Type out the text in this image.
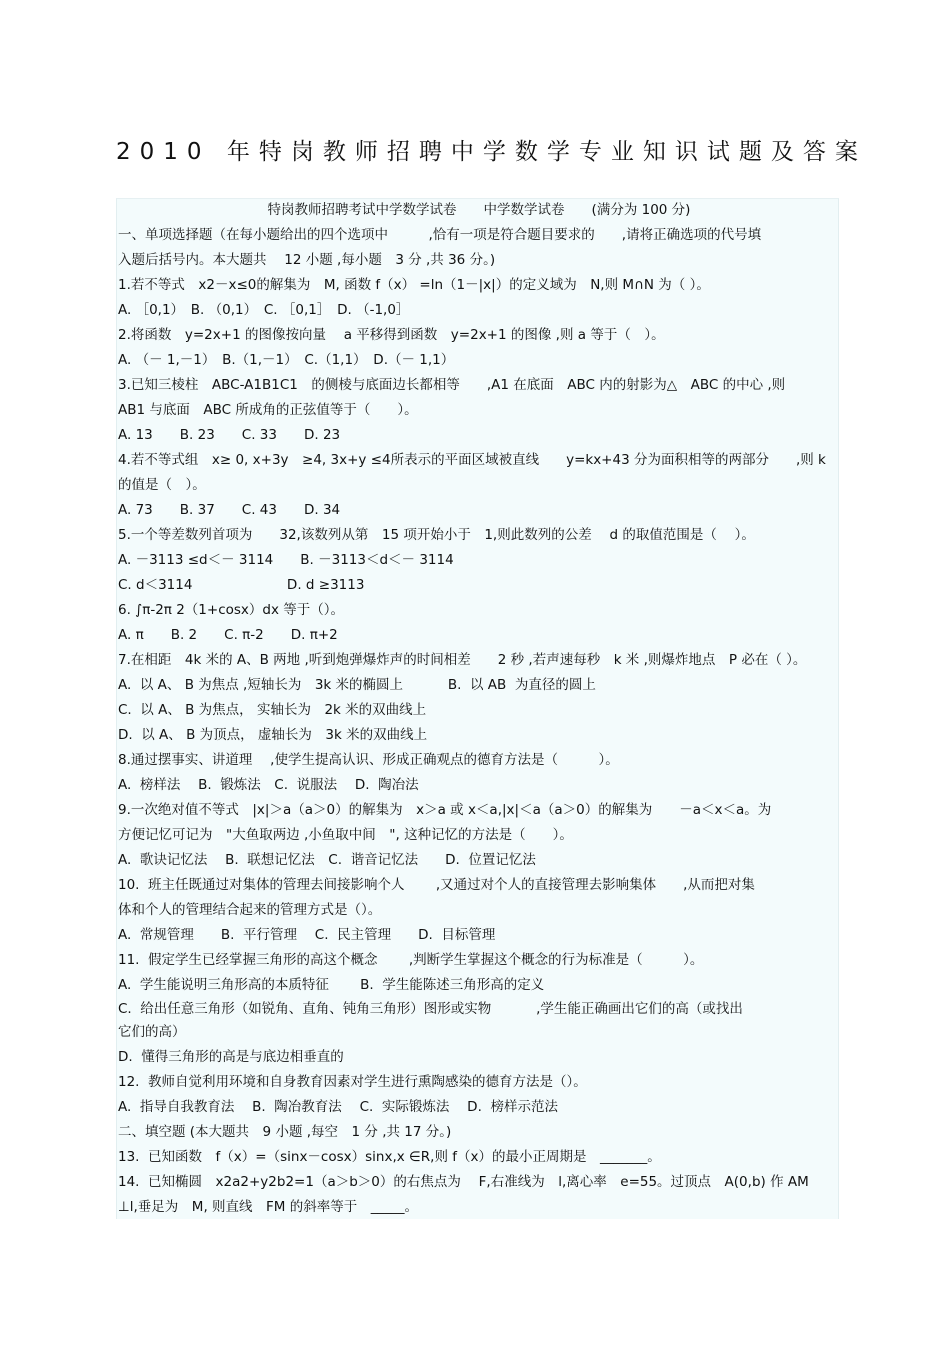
2010 年特岗教师招聘中学数学专业知识试题及答案
特岗教师招聘考试中学数学试卷　　中学数学试卷　　(满分为 100 分)
一、单项选择题（在每小题给出的四个选项中　　　,恰有一项是符合题目要求的　　,请将正确选项的代号填
入题后括号内。本大题共　 12 小题 ,每小题　3 分 ,共 36 分。)
1.若不等式　x2－x≤0的解集为　M, 函数 f（x） =ln（1－|x|）的定义域为　N,则 M∩N 为（ ）。
A. ［0,1）　B. （0,1）　C. ［0,1］　D. （-1,0］
2.将函数　y=2x+1 的图像按向量　 a 平移得到函数　y=2x+1 的图像 ,则 a 等于（　）。
A. （－ 1,－1）　B.（1,－1）　C.（1,1）　D.（－ 1,1）
3.已知三棱柱　ABC-A1B1C1　的侧棱与底面边长都相等　　,A1 在底面　ABC 内的射影为△　ABC 的中心 ,则
AB1 与底面　ABC 所成角的正弦值等于（　　）。
A. 13　　B. 23　　C. 33　　D. 23
4.若不等式组　x≥ 0, x+3y　≥4, 3x+y ≤4所表示的平面区域被直线　　y=kx+43 分为面积相等的两部分　　,则 k
的值是（　）。
A. 73　　B. 37　　C. 43　　D. 34
5.一个等差数列首项为　　32,该数列从第　15 项开始小于　1,则此数列的公差　 d 的取值范围是（　 ）。
A. －3113 ≤d＜－ 3114　　B. －3113＜d＜－ 3114
C. d＜3114　　　　　　　D. d ≥3113
6. ∫π-2π 2（1+cosx）dx 等于（）。
A. π　　B. 2　　C. π-2　　D. π+2
7.在相距　4k 米的 A、B 两地 ,听到炮弹爆炸声的时间相差　　2 秒 ,若声速每秒　k 米 ,则爆炸地点　P 必在（ ）。
A.  以 A、 B 为焦点 ,短轴长为　3k 米的椭圆上　　　 B.  以 AB  为直径的圆上
C.  以 A、 B 为焦点， 实轴长为　2k 米的双曲线上
D.  以 A、 B 为顶点， 虚轴长为　3k 米的双曲线上
8.通过摆事实、讲道理　 ,使学生提高认识、形成正确观点的德育方法是（　　　）。
A.  榜样法　 B.  锻炼法　C.  说服法　 D.  陶冶法
9.一次绝对值不等式　|x|＞a（a＞0）的解集为　x＞a 或 x＜a,|x|＜a（a＞0）的解集为　　－a＜x＜a。为
方便记忆可记为　"大鱼取两边 ,小鱼取中间　", 这种记忆的方法是（　　）。
A.  歌诀记忆法　 B.  联想记忆法　C.  谐音记忆法　　D.  位置记忆法
10.  班主任既通过对集体的管理去间接影响个人　　 ,又通过对个人的直接管理去影响集体　　,从而把对集
体和个人的管理结合起来的管理方式是（）。
A.  常规管理　　B.  平行管理　 C.  民主管理　　D.  目标管理
11.  假定学生已经掌握三角形的高这个概念　　 ,判断学生掌握这个概念的行为标准是（　　　）。
A.  学生能说明三角形高的本质特征　　 B.  学生能陈述三角形高的定义
C.  给出任意三角形（如锐角、直角、钝角三角形）图形或实物　　　 ,学生能正确画出它们的高（或找出
它们的高）
D.  懂得三角形的高是与底边相垂直的
12.  教师自觉利用环境和自身教育因素对学生进行熏陶感染的德育方法是（）。
A.  指导自我教育法　 B.  陶冶教育法　 C.  实际锻炼法　 D.  榜样示范法
二、填空题 (本大题共　9 小题 ,每空　1 分 ,共 17 分。)
13.  已知函数　f（x）=（sinx－cosx）sinx,x ∈R,则 f（x）的最小正周期是　_______。
14.  已知椭圆　x2a2+y2b2=1（a＞b＞0）的右焦点为　 F,右准线为　l,离心率　e=55。过顶点　A(0,b) 作 AM
⊥l,垂足为　M, 则直线　FM 的斜率等于　_____。
